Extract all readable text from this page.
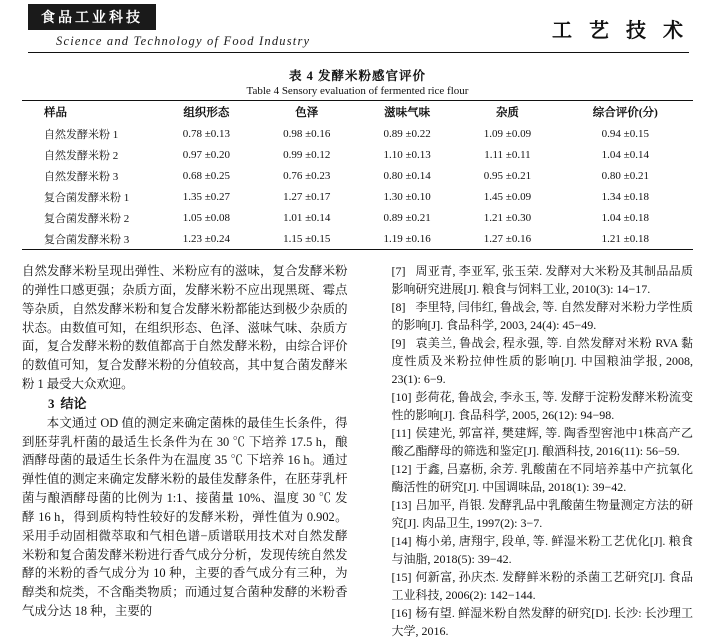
食品工业科技
Science and Technology of Food Industry	工 艺 技 术
表 4 发酵米粉感官评价
Table 4 Sensory evaluation of fermented rice flour
样品	组织形态	色泽	滋味气味	杂质	综合评价(分)
自然发酵米粉 1	0.78 ±0.13	0.98 ±0.16	0.89 ±0.22	1.09 ±0.09	0.94 ±0.15
自然发酵米粉 2	0.97 ±0.20	0.99 ±0.12	1.10 ±0.13	1.11 ±0.11	1.04 ±0.14
自然发酵米粉 3	0.68 ±0.25	0.76 ±0.23	0.80 ±0.14	0.95 ±0.21	0.80 ±0.21
复合菌发酵米粉 1	1.35 ±0.27	1.27 ±0.17	1.30 ±0.10	1.45 ±0.09	1.34 ±0.18
复合菌发酵米粉 2	1.05 ±0.08	1.01 ±0.14	0.89 ±0.21	1.21 ±0.30	1.04 ±0.18
复合菌发酵米粉 3	1.23 ±0.24	1.15 ±0.15	1.19 ±0.16	1.27 ±0.16	1.21 ±0.18

自然发酵米粉呈现出弹性、米粉应有的滋味，复合发酵米粉的弹性口感更强；杂质方面，发酵米粉不应出现黑斑、霉点等杂质，自然发酵米粉和复合发酵米粉都能达到极少杂质的状态。由数值可知，在组织形态、色泽、滋味气味、杂质方面，复合发酵米粉的数值都高于自然发酵米粉，由综合评价的数值可知，复合发酵米粉的分值较高，其中复合菌发酵米粉 1 最受大众欢迎。

3 结论

本文通过 OD 值的测定来确定菌株的最佳生长条件，得到胚芽乳杆菌的最适生长条件为在 30 ℃ 下培养 17.5 h，酿酒酵母菌的最适生长条件为在温度 35 ℃ 下培养 16 h。通过弹性值的测定来确定发酵米粉的最佳发酵条件，在胚芽乳杆菌与酿酒酵母菌的比例为 1:1、接菌量 10%、温度 30 ℃ 发酵 16 h，得到质构特性较好的发酵米粉，弹性值为 0.902。采用手动固相微萃取和气相色谱−质谱联用技术对自然发酵米粉和复合菌发酵米粉进行香气成分分析，发现传统自然发酵的米粉的香气成分为 10 种，主要的香气成分有三种，为醇类和烷类，不含酯类物质；而通过复合菌种发酵的米粉香气成分达 18 种，主要的

[7] 周亚青, 李亚军, 张玉荣. 发酵对大米粉及其制品品质影响研究进展[J]. 粮食与饲料工业, 2010(3): 14−17.

[8] 李里特, 闫伟红, 鲁战会, 等. 自然发酵对米粉力学性质的影响[J]. 食品科学, 2003, 24(4): 45−49.

[9] 袁美兰, 鲁战会, 程永强, 等. 自然发酵对米粉 RVA 黏度性质及米粉拉伸性质的影响[J]. 中国粮油学报, 2008, 23(1): 6−9.

[10] 彭荷花, 鲁战会, 李永玉, 等. 发酵于淀粉发酵米粉流变性的影响[J]. 食品科学, 2005, 26(12): 94−98.

[11] 侯建光, 郭富祥, 樊建辉, 等. 陶香型窖池中1株高产乙酸乙酯酵母的筛选和鉴定[J]. 酿酒科技, 2016(11): 56−59.

[12] 于鑫, 吕嘉枥, 余芳. 乳酸菌在不同培养基中产抗氧化酶活性的研究[J]. 中国调味品, 2018(1): 39−42.

[13] 吕加平, 肖银. 发酵乳品中乳酸菌生物量测定方法的研究[J]. 肉品卫生, 1997(2): 3−7.

[14] 梅小弟, 唐翔宇, 段单, 等. 鲜湿米粉工艺优化[J]. 粮食与油脂, 2018(5): 39−42.

[15] 何新富, 孙庆杰. 发酵鲜米粉的杀菌工艺研究[J]. 食品工业科技, 2006(2): 142−144.

[16] 杨有望. 鲜湿米粉自然发酵的研究[D]. 长沙: 长沙理工大学, 2016.
